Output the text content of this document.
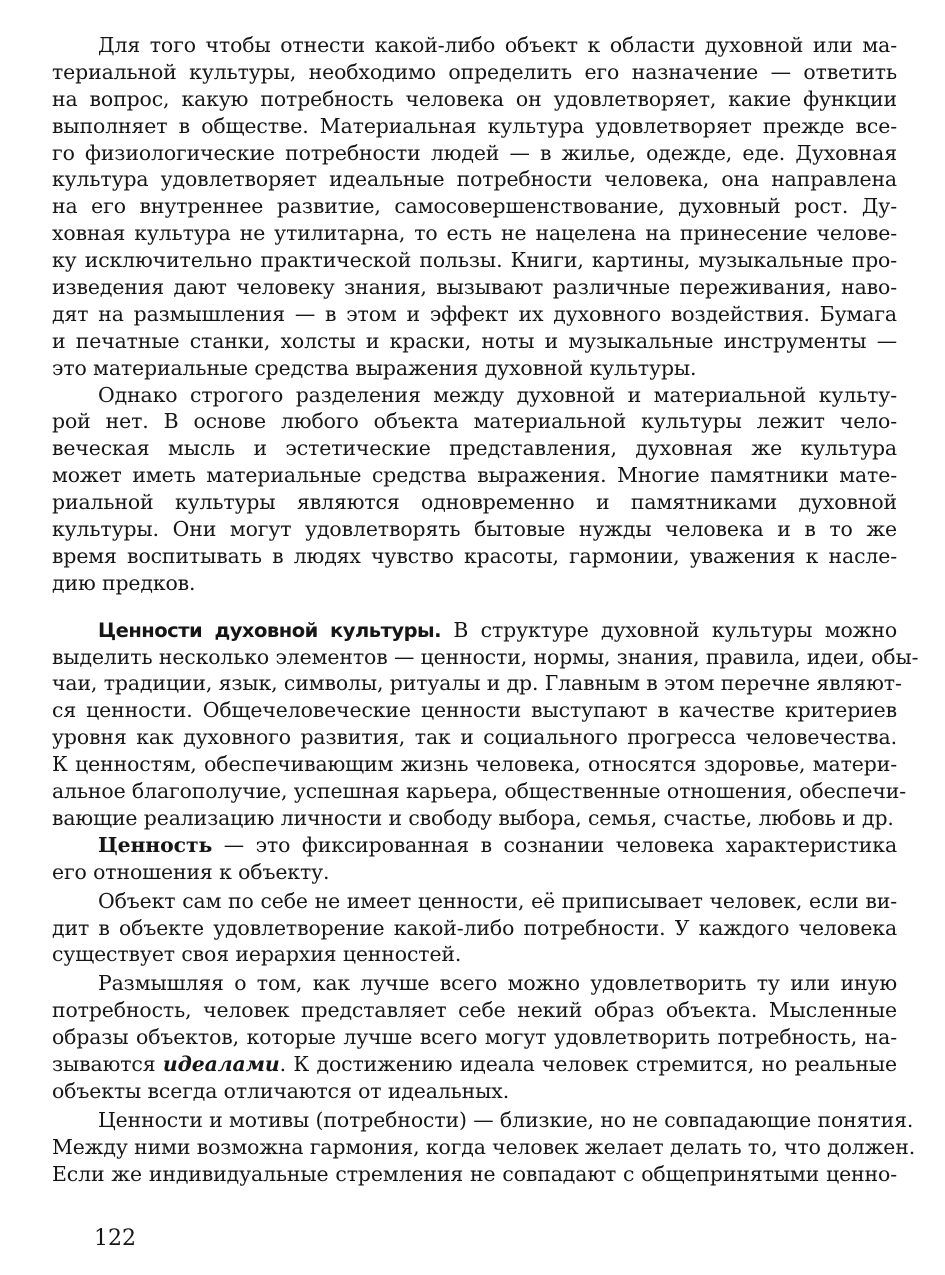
Для того чтобы отнести какой-либо объект к области духовной или ма-
териальной культуры, необходимо определить его назначение — ответить
на вопрос, какую потребность человека он удовлетворяет, какие функции
выполняет в обществе. Материальная культура удовлетворяет прежде все-
го физиологические потребности людей — в жилье, одежде, еде. Духовная
культура удовлетворяет идеальные потребности человека, она направлена
на его внутреннее развитие, самосовершенствование, духовный рост. Ду-
ховная культура не утилитарна, то есть не нацелена на принесение челове-
ку исключительно практической пользы. Книги, картины, музыкальные про-
изведения дают человеку знания, вызывают различные переживания, наво-
дят на размышления — в этом и эффект их духовного воздействия. Бумага
и печатные станки, холсты и краски, ноты и музыкальные инструменты —
это материальные средства выражения духовной культуры.
Однако строгого разделения между духовной и материальной культу-
рой нет. В основе любого объекта материальной культуры лежит чело-
веческая мысль и эстетические представления, духовная же культура
может иметь материальные средства выражения. Многие памятники мате-
риальной культуры являются одновременно и памятниками духовной
культуры. Они могут удовлетворять бытовые нужды человека и в то же
время воспитывать в людях чувство красоты, гармонии, уважения к насле-
дию предков.
Ценности духовной культуры. В структуре духовной культуры можно
выделить несколько элементов — ценности, нормы, знания, правила, идеи, обы-
чаи, традиции, язык, символы, ритуалы и др. Главным в этом перечне являют-
ся ценности. Общечеловеческие ценности выступают в качестве критериев
уровня как духовного развития, так и социального прогресса человечества.
К ценностям, обеспечивающим жизнь человека, относятся здоровье, матери-
альное благополучие, успешная карьера, общественные отношения, обеспечи-
вающие реализацию личности и свободу выбора, семья, счастье, любовь и др.
Ценность — это фиксированная в сознании человека характеристика
его отношения к объекту.
Объект сам по себе не имеет ценности, её приписывает человек, если ви-
дит в объекте удовлетворение какой-либо потребности. У каждого человека
существует своя иерархия ценностей.
Размышляя о том, как лучше всего можно удовлетворить ту или иную
потребность, человек представляет себе некий образ объекта. Мысленные
образы объектов, которые лучше всего могут удовлетворить потребность, на-
зываются идеалами. К достижению идеала человек стремится, но реальные
объекты всегда отличаются от идеальных.
Ценности и мотивы (потребности) — близкие, но не совпадающие понятия.
Между ними возможна гармония, когда человек желает делать то, что должен.
Если же индивидуальные стремления не совпадают с общепринятыми ценно-
122
